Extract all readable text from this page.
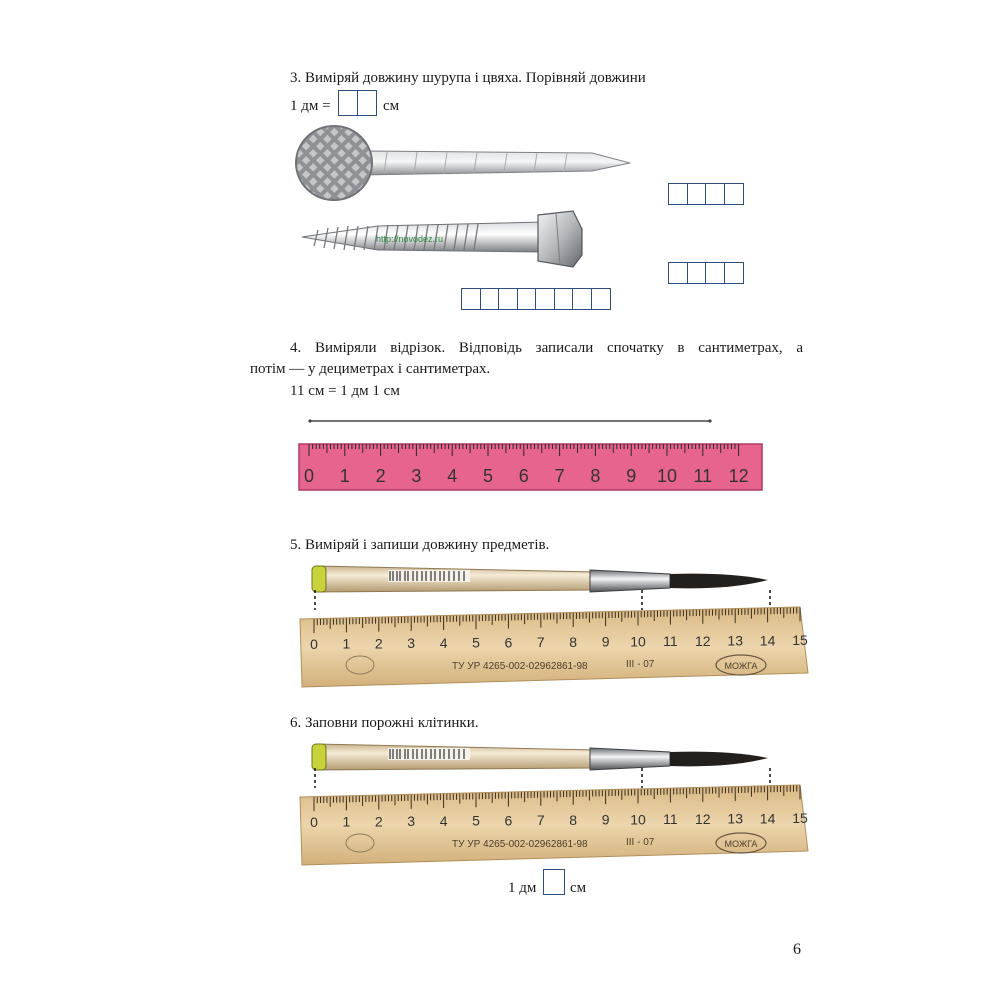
3. Виміряй довжину шурупа і цвяха. Порівняй довжини
1 дм =	см
http://novodez.ru
4. Виміряли відрізок. Відповідь записали спочатку в сантиметрах, а
потім — у дециметрах і сантиметрах.
11 см = 1 дм 1 см
0 1 2 3 4 5 6 7 8 9 10 11 12
5. Виміряй і запиши довжину предметів.
0 1 2 3 4 5 6 7 8 9 10 11 12 13 14 15
ТУ УР 4265-002-02962861-98	III - 07	МОЖГА
6. Заповни порожні клітинки.
0 1 2 3 4 5 6 7 8 9 10 11 12 13 14 15
ТУ УР 4265-002-02962861-98	III - 07	МОЖГА
1 дм см
6
